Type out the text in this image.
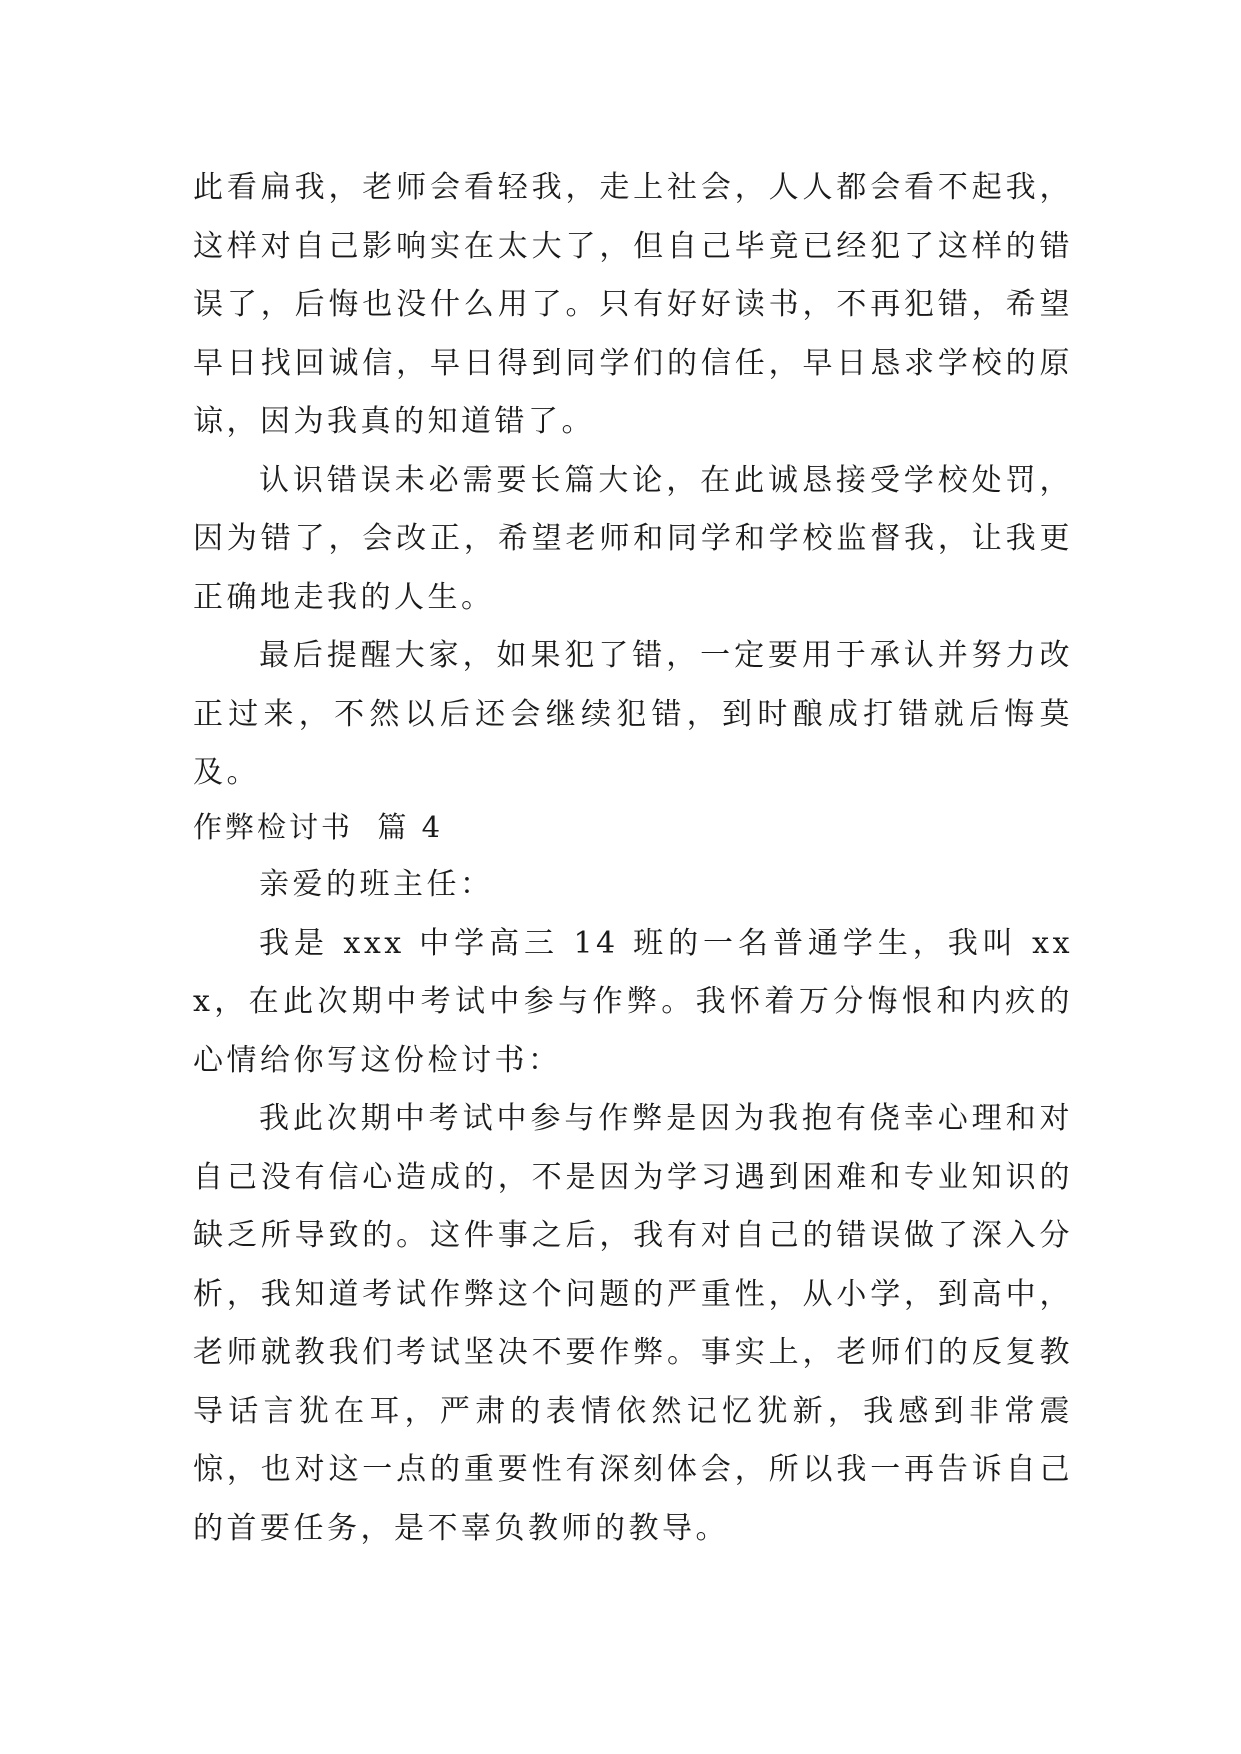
此看扁我，老师会看轻我，走上社会，人人都会看不起我，这样对自己影响实在太大了，但自己毕竟已经犯了这样的错误了，后悔也没什么用了。只有好好读书，不再犯错，希望早日找回诚信，早日得到同学们的信任，早日恳求学校的原谅，因为我真的知道错了。

认识错误未必需要长篇大论，在此诚恳接受学校处罚，因为错了，会改正，希望老师和同学和学校监督我，让我更正确地走我的人生。

最后提醒大家，如果犯了错，一定要用于承认并努力改正过来，不然以后还会继续犯错，到时酿成打错就后悔莫及。

作弊检讨书  篇 4

亲爱的班主任：

我是 xxx 中学高三 14 班的一名普通学生，我叫 xxx，在此次期中考试中参与作弊。我怀着万分悔恨和内疚的心情给你写这份检讨书：

我此次期中考试中参与作弊是因为我抱有侥幸心理和对自己没有信心造成的，不是因为学习遇到困难和专业知识的缺乏所导致的。这件事之后，我有对自己的错误做了深入分析，我知道考试作弊这个问题的严重性，从小学，到高中，老师就教我们考试坚决不要作弊。事实上，老师们的反复教导话言犹在耳，严肃的表情依然记忆犹新，我感到非常震惊，也对这一点的重要性有深刻体会，所以我一再告诉自己的首要任务，是不辜负教师的教导。
